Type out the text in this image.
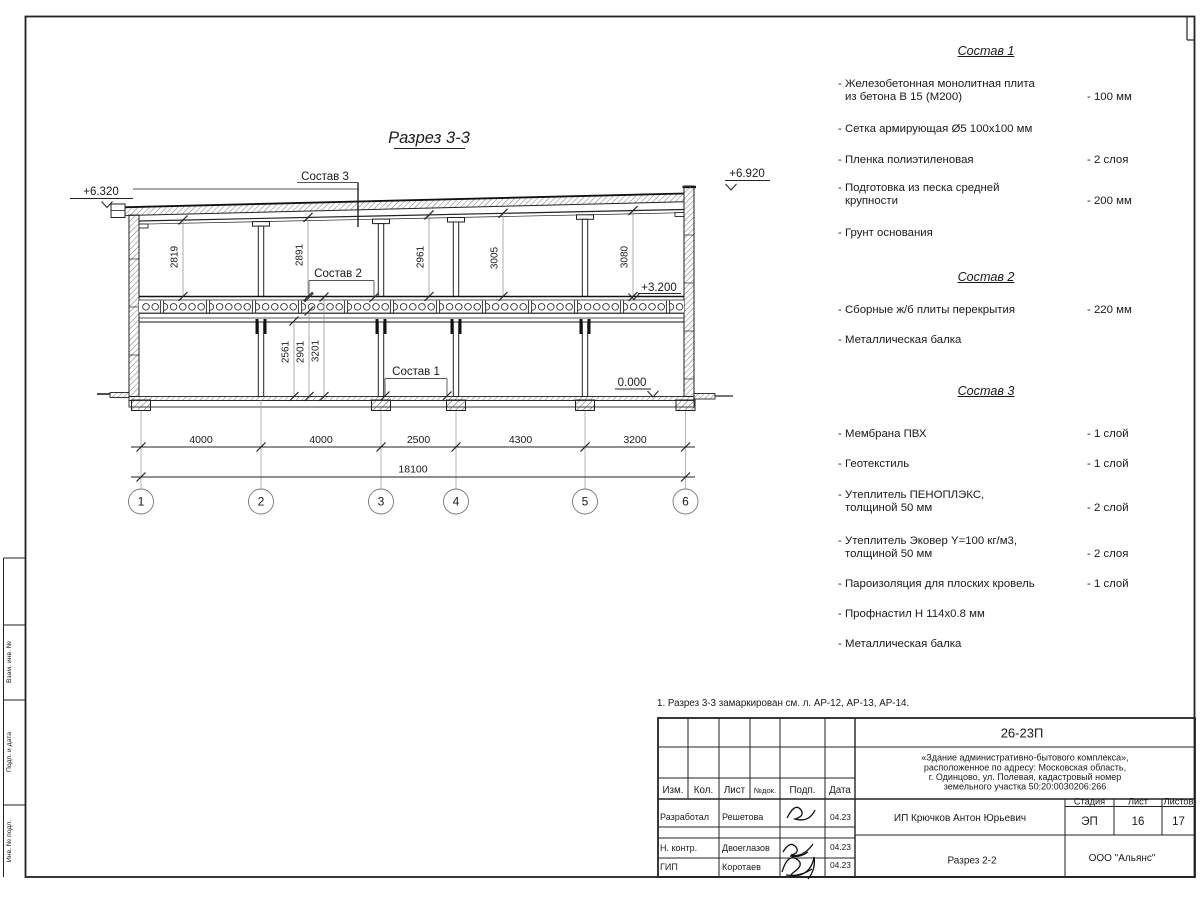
Взам. инв. №
Подп. и дата
Инв. № подл.
Разрез 3-3
+6.320
+6.920
+3.200
0.000
Состав 3
Состав 2
Состав 1
2819	2891	2961	3005	3080
2561 2901 3201
4000	4000	2500	4300	3200
18100
1	2	3	4	5	6
1. Разрез 3-3 замаркирован см. л. АР-12, АР-13, АР-14.
26-23П
«Здание административно-бытового комплекса»,
расположенное по адресу: Московская область,
г. Одинцово, ул. Полевая, кадастровый номер
земельного участка 50:20:0030206:266
Изм. Кол. Лист №док. Подп. Дата
Разработал Решетова	04.23
Н. контр.	Двоеглазов	04.23
ГИП	Коротаев	04.23
ИП Крючков Антон Юрьевич
Разрез 2-2	ООО "Альянс"
Стадия Лист Листов
ЭП	16 17
Состав 1
- Железобетонная монолитная плита
из бетона В 15 (М200)	- 100 мм
- Сетка армирующая Ø5 100x100 мм
- Пленка полиэтиленовая	- 2 слоя
- Подготовка из песка средней
крупности	- 200 мм
- Грунт основания
Состав 2
- Сборные ж/б плиты перекрытия	- 220 мм
- Металлическая балка
Состав 3
- Мембрана ПВХ	- 1 слой
- Геотекстиль	- 1 слой
- Утеплитель ПЕНОПЛЭКС,
толщиной 50 мм	- 2 слой
- Утеплитель Эковер Y=100 кг/м3,
толщиной 50 мм	- 2 слоя
- Пароизоляция для плоских кровель	- 1 слой
- Профнастил Н 114х0.8 мм
- Металлическая балка
